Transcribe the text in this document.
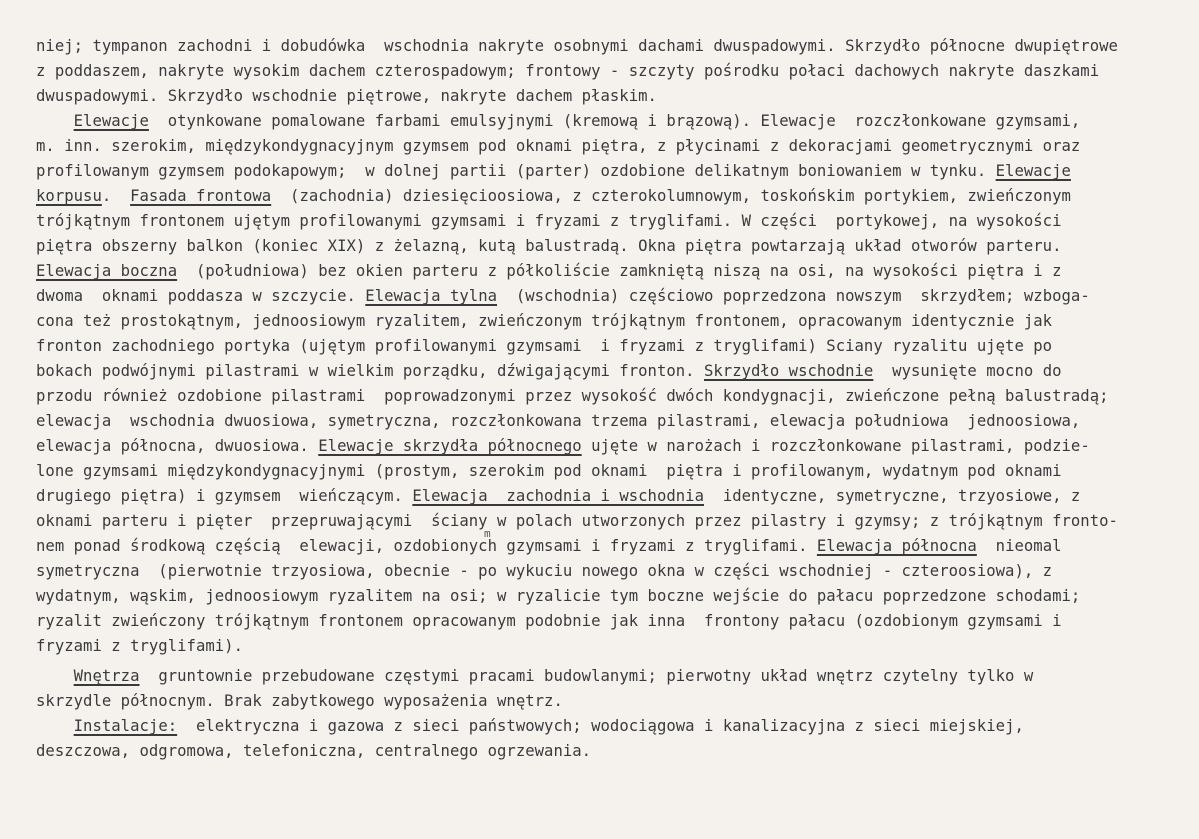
niej; tympanon zachodni i dobudówka  wschodnia nakryte osobnymi dachami dwuspadowymi. Skrzydło północne dwupiętrowe
z poddaszem, nakryte wysokim dachem czterospadowym; frontowy - szczyty pośrodku połaci dachowych nakryte daszkami
dwuspadowymi. Skrzydło wschodnie piętrowe, nakryte dachem płaskim.
Elewacje  otynkowane pomalowane farbami emulsyjnymi (kremową i brązową). Elewacje  rozczłonkowane gzymsami,
m. inn. szerokim, międzykondygnacyjnym gzymsem pod oknami piętra, z płycinami z dekoracjami geometrycznymi oraz
profilowanym gzymsem podokapowym;  w dolnej partii (parter) ozdobione delikatnym boniowaniem w tynku. Elewacje
korpusu.  Fasada frontowa  (zachodnia) dziesięcioosiowa, z czterokolumnowym, toskońskim portykiem, zwieńczonym
trójkątnym frontonem ujętym profilowanymi gzymsami i fryzami z tryglifami. W części  portykowej, na wysokości
piętra obszerny balkon (koniec XIX) z żelazną, kutą balustradą. Okna piętra powtarzają układ otworów parteru.
Elewacja boczna  (południowa) bez okien parteru z półkoliście zamkniętą niszą na osi, na wysokości piętra i z
dwoma  oknami poddasza w szczycie. Elewacja tylna  (wschodnia) częściowo poprzedzona nowszym  skrzydłem; wzboga-
cona też prostokątnym, jednoosiowym ryzalitem, zwieńczonym trójkątnym frontonem, opracowanym identycznie jak
fronton zachodniego portyka (ujętym profilowanymi gzymsami  i fryzami z tryglifami) Sciany ryzalitu ujęte po
bokach podwójnymi pilastrami w wielkim porządku, dźwigającymi fronton. Skrzydło wschodnie  wysunięte mocno do
przodu również ozdobione pilastrami  poprowadzonymi przez wysokość dwóch kondygnacji, zwieńczone pełną balustradą;
elewacja  wschodnia dwuosiowa, symetryczna, rozczłonkowana trzema pilastrami, elewacja południowa  jednoosiowa,
elewacja północna, dwuosiowa. Elewacje skrzydła północnego ujęte w narożach i rozczłonkowane pilastrami, podzie-
lone gzymsami międzykondygnacyjnymi (prostym, szerokim pod oknami  piętra i profilowanym, wydatnym pod oknami
drugiego piętra) i gzymsem  wieńczącym. Elewacja  zachodnia i wschodnia  identyczne, symetryczne, trzyosiowe, z
oknami parteru i pięter  przepruwającymi  ściany w polach utworzonych przez pilastry i gzymsy; z trójkątnym fronto-
nem ponad środkową częścią  elewacji, ozdobionych gzymsami i fryzami z tryglifami. Elewacja północna  nieomal
symetryczna  (pierwotnie trzyosiowa, obecnie - po wykuciu nowego okna w części wschodniej - czteroosiowa), z
wydatnym, wąskim, jednoosiowym ryzalitem na osi; w ryzalicie tym boczne wejście do pałacu poprzedzone schodami;
ryzalit zwieńczony trójkątnym frontonem opracowanym podobnie jak inna  frontony pałacu (ozdobionym gzymsami i
fryzami z tryglifami).
Wnętrza  gruntownie przebudowane częstymi pracami budowlanymi; pierwotny układ wnętrz czytelny tylko w
skrzydle północnym. Brak zabytkowego wyposażenia wnętrz.
Instalacje:  elektryczna i gazowa z sieci państwowych; wodociągowa i kanalizacyjna z sieci miejskiej,
deszczowa, odgromowa, telefoniczna, centralnego ogrzewania.
m
